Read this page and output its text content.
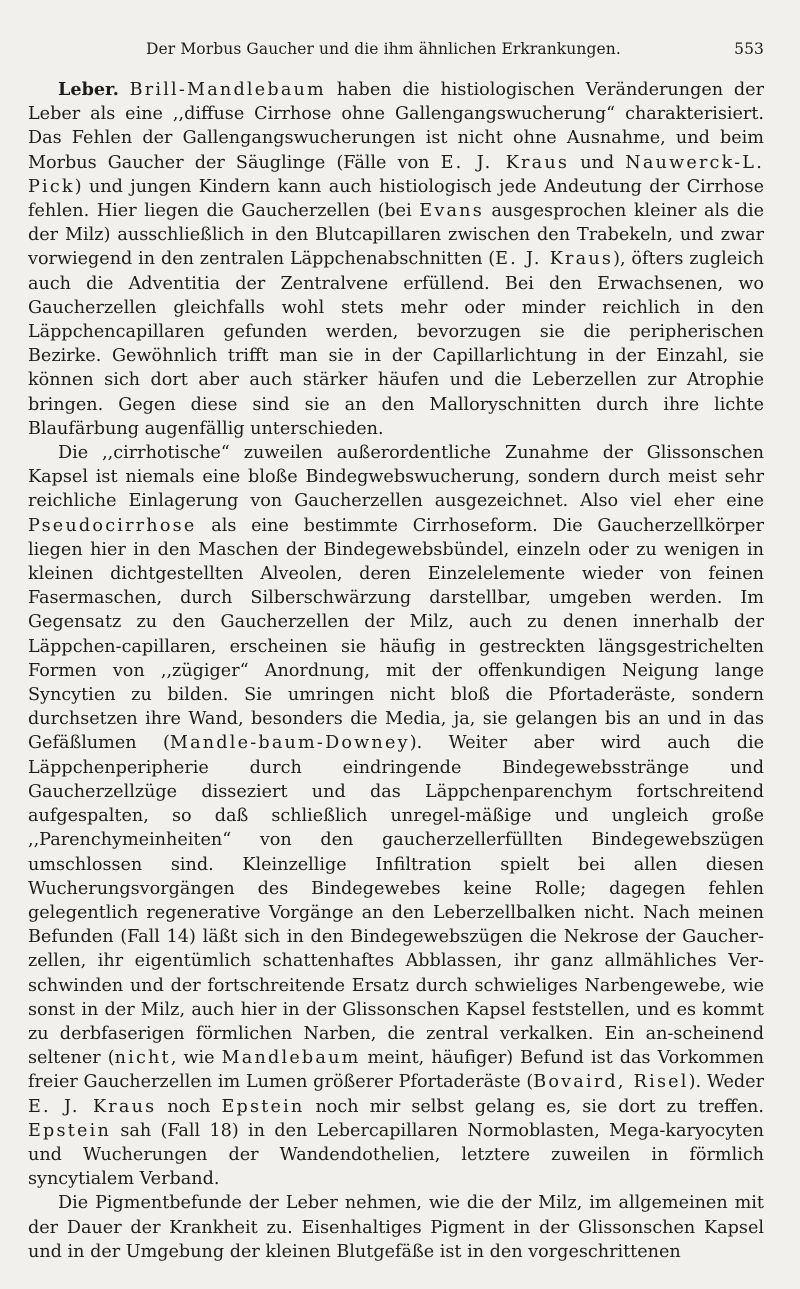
Der Morbus Gaucher und die ihm ähnlichen Erkrankungen.	553

Leber. Brill-Mandlebaum haben die histiologischen Veränderungen der Leber als eine ,,diffuse Cirrhose ohne Gallengangswucherung“ charakterisiert. Das Fehlen der Gallengangswucherungen ist nicht ohne Ausnahme, und beim Morbus Gaucher der Säuglinge (Fälle von E. J. Kraus und Nauwerck-L. Pick) und jungen Kindern kann auch histiologisch jede Andeutung der Cirrhose fehlen. Hier liegen die Gaucherzellen (bei Evans ausgesprochen kleiner als die der Milz) ausschließlich in den Blutcapillaren zwischen den Trabekeln, und zwar vorwiegend in den zentralen Läppchenabschnitten (E. J. Kraus), öfters zugleich auch die Adventitia der Zentralvene erfüllend. Bei den Erwachsenen, wo Gaucherzellen gleichfalls wohl stets mehr oder minder reichlich in den Läppchencapillaren gefunden werden, bevorzugen sie die peripherischen Bezirke. Gewöhnlich trifft man sie in der Capillarlichtung in der Einzahl, sie können sich dort aber auch stärker häufen und die Leberzellen zur Atrophie bringen. Gegen diese sind sie an den Malloryschnitten durch ihre lichte Blaufärbung augenfällig unterschieden.

Die ,,cirrhotische“ zuweilen außerordentliche Zunahme der Glissonschen Kapsel ist niemals eine bloße Bindegwebswucherung, sondern durch meist sehr reichliche Einlagerung von Gaucherzellen ausgezeichnet. Also viel eher eine Pseudocirrhose als eine bestimmte Cirrhoseform. Die Gaucherzellkörper liegen hier in den Maschen der Bindegewebsbündel, einzeln oder zu wenigen in kleinen dichtgestellten Alveolen, deren Einzelelemente wieder von feinen Fasermaschen, durch Silberschwärzung darstellbar, umgeben werden. Im Gegensatz zu den Gaucherzellen der Milz, auch zu denen innerhalb der Läppchen-capillaren, erscheinen sie häufig in gestreckten längsgestrichelten Formen von ,,zügiger“ Anordnung, mit der offenkundigen Neigung lange Syncytien zu bilden. Sie umringen nicht bloß die Pfortaderäste, sondern durchsetzen ihre Wand, besonders die Media, ja, sie gelangen bis an und in das Gefäßlumen (Mandle-baum-Downey). Weiter aber wird auch die Läppchenperipherie durch eindringende Bindegewebsstränge und Gaucherzellzüge disseziert und das Läppchenparenchym fortschreitend aufgespalten, so daß schließlich unregel-mäßige und ungleich große ,,Parenchymeinheiten“ von den gaucherzellerfüllten Bindegewebszügen umschlossen sind. Kleinzellige Infiltration spielt bei allen diesen Wucherungsvorgängen des Bindegewebes keine Rolle; dagegen fehlen gelegentlich regenerative Vorgänge an den Leberzellbalken nicht. Nach meinen Befunden (Fall 14) läßt sich in den Bindegewebszügen die Nekrose der Gaucher-zellen, ihr eigentümlich schattenhaftes Abblassen, ihr ganz allmähliches Ver-schwinden und der fortschreitende Ersatz durch schwieliges Narbengewebe, wie sonst in der Milz, auch hier in der Glissonschen Kapsel feststellen, und es kommt zu derbfaserigen förmlichen Narben, die zentral verkalken. Ein an-scheinend seltener (nicht, wie Mandlebaum meint, häufiger) Befund ist das Vorkommen freier Gaucherzellen im Lumen größerer Pfortaderäste (Bovaird, Risel). Weder E. J. Kraus noch Epstein noch mir selbst gelang es, sie dort zu treffen. Epstein sah (Fall 18) in den Lebercapillaren Normoblasten, Mega-karyocyten und Wucherungen der Wandendothelien, letztere zuweilen in förmlich syncytialem Verband.

Die Pigmentbefunde der Leber nehmen, wie die der Milz, im allgemeinen mit der Dauer der Krankheit zu. Eisenhaltiges Pigment in der Glissonschen Kapsel und in der Umgebung der kleinen Blutgefäße ist in den vorgeschrittenen
